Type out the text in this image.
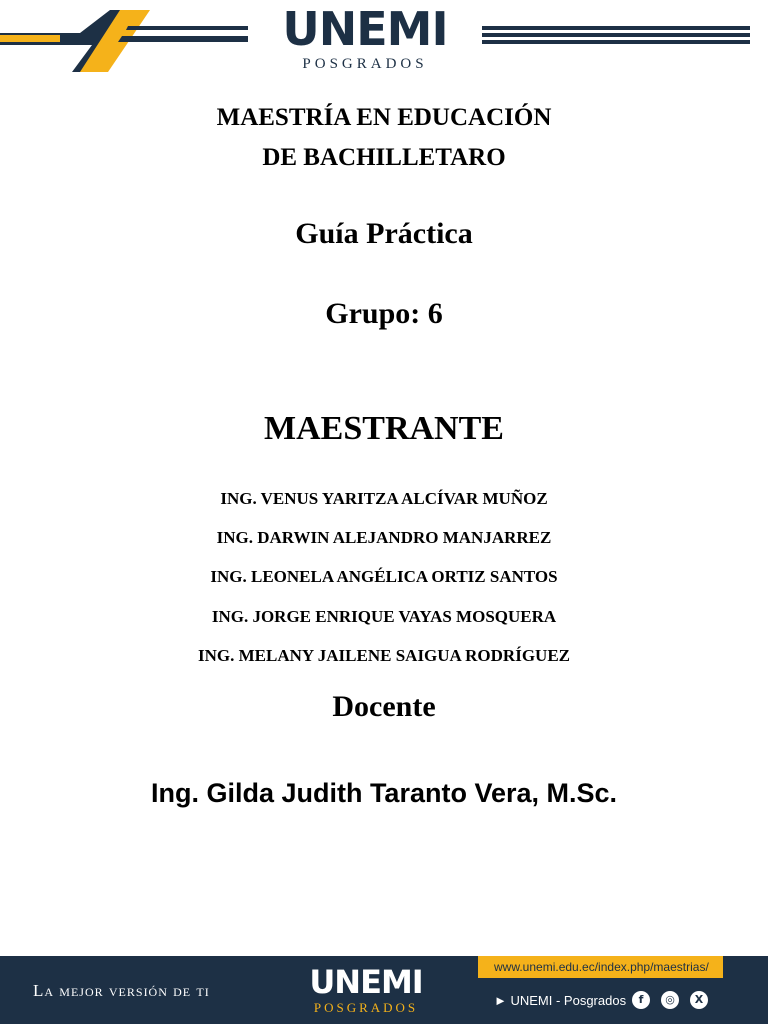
UNEMI
POSGRADOS
MAESTRÍA EN EDUCACIÓN
DE BACHILLETARO
Guía Práctica
Grupo: 6
MAESTRANTE
ING. VENUS YARITZA ALCÍVAR MUÑOZ
ING. DARWIN ALEJANDRO MANJARREZ
ING. LEONELA ANGÉLICA ORTIZ SANTOS
ING. JORGE ENRIQUE VAYAS MOSQUERA
ING. MELANY JAILENE SAIGUA RODRÍGUEZ
Docente
Ing. Gilda Judith Taranto Vera, M.Sc.
La mejor versión de ti	UNEMI
POSGRADOS
www.unemi.edu.ec/index.php/maestrias/
► UNEMI - Posgrados	f	◎	X
